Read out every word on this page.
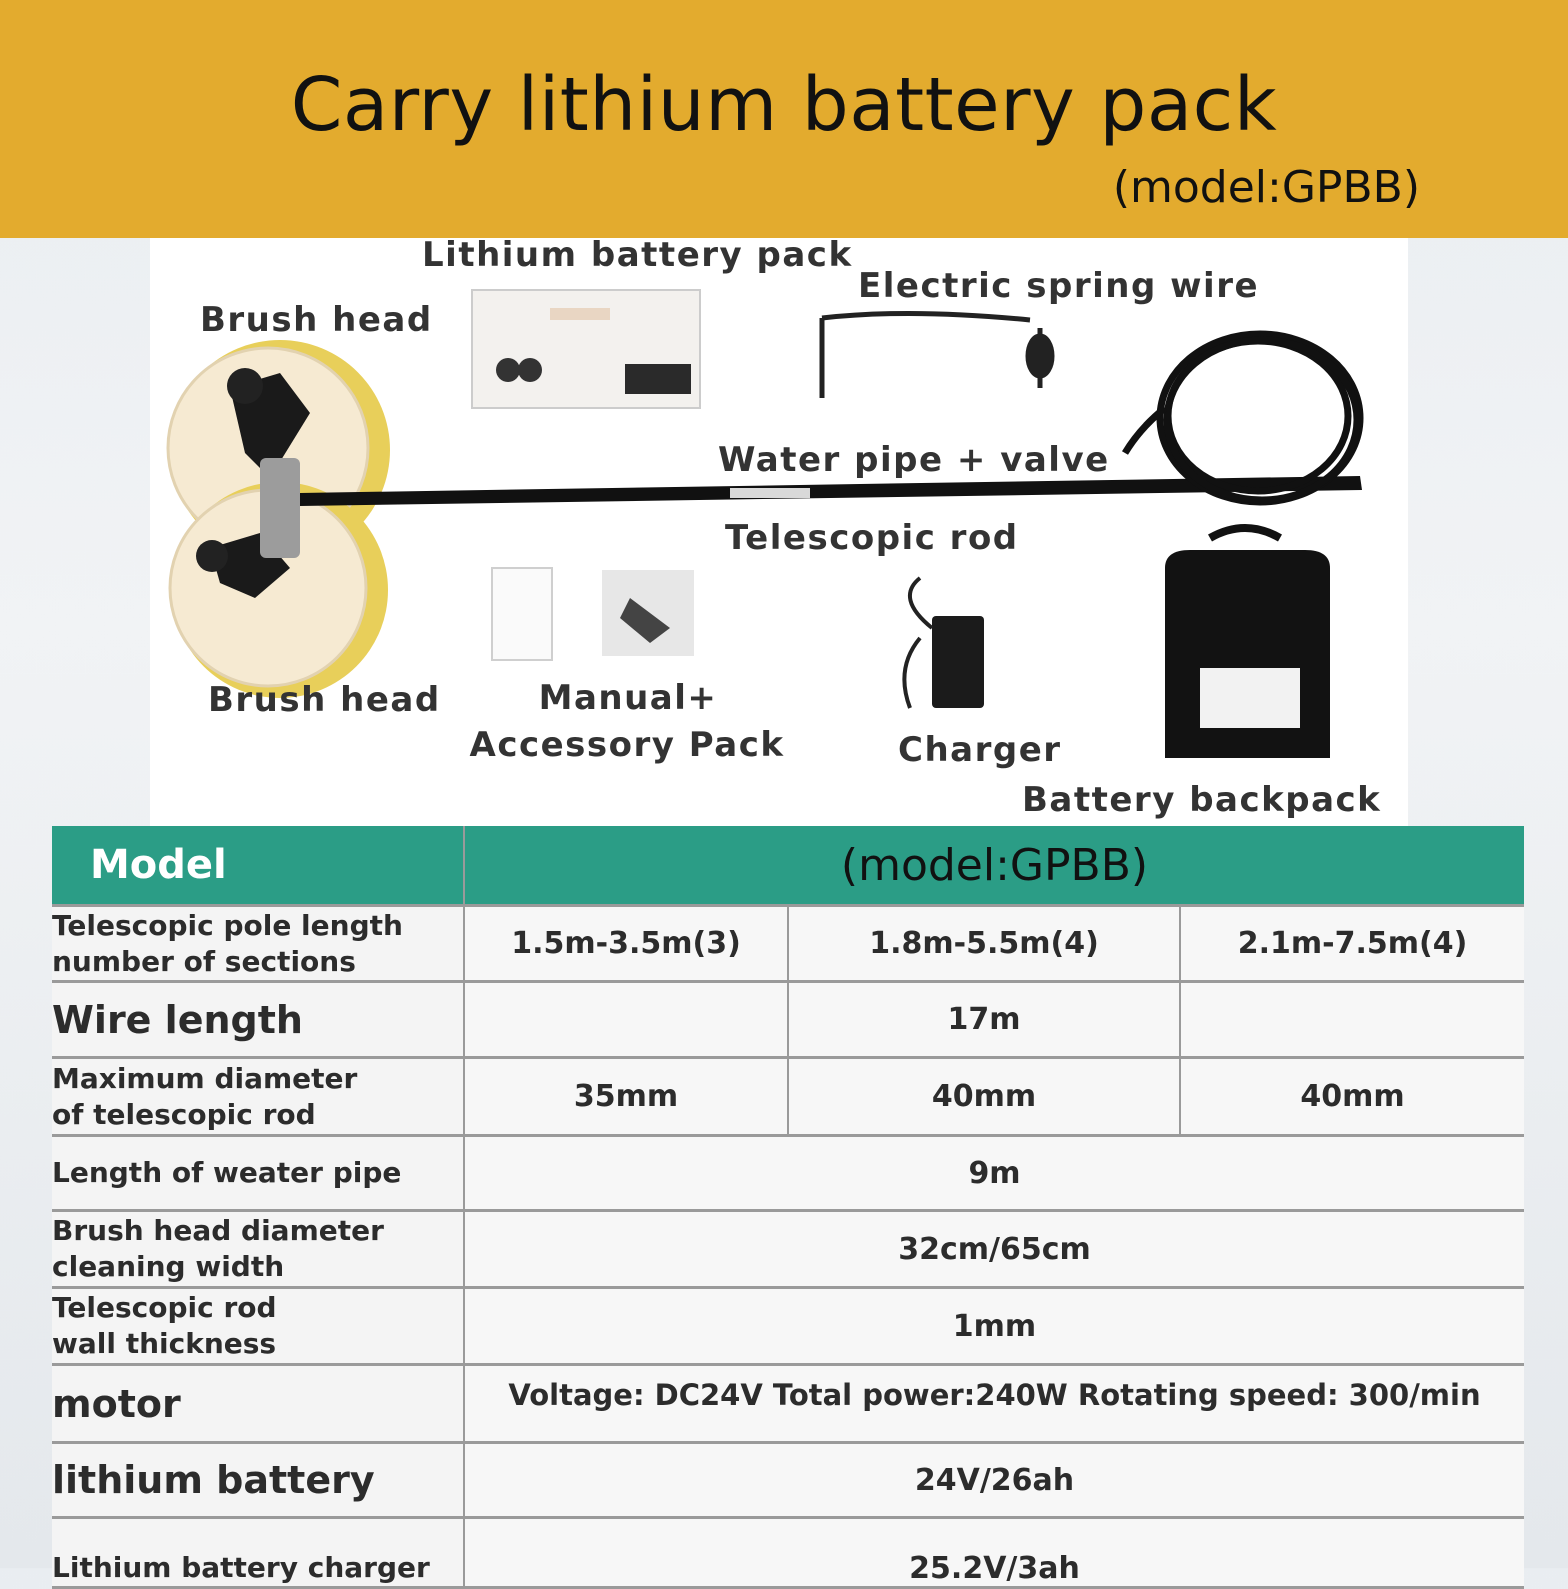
Carry lithium battery pack
(model:GPBB)
Lithium battery pack
Brush head
Electric spring wire
Water pipe + valve
Telescopic rod
Brush head	Manual+
Accessory Pack	Charger
Battery backpack
Model	(model:GPBB)		

Telescopic pole length
number of sections	1.5m-3.5m(3)	1.8m-5.5m(4)	2.1m-7.5m(4)
Wire length		17m	

Maximum diameter
of telescopic rod	35mm	40mm	40mm
Length of weater pipe	9m		

Brush head diameter
cleaning width	32cm/65cm		

Telescopic rod
wall thickness	1mm		
motor	Voltage: DC24V Total power:240W Rotating speed: 300/min		
lithium battery	24V/26ah		
Lithium battery charger	25.2V/3ah		
